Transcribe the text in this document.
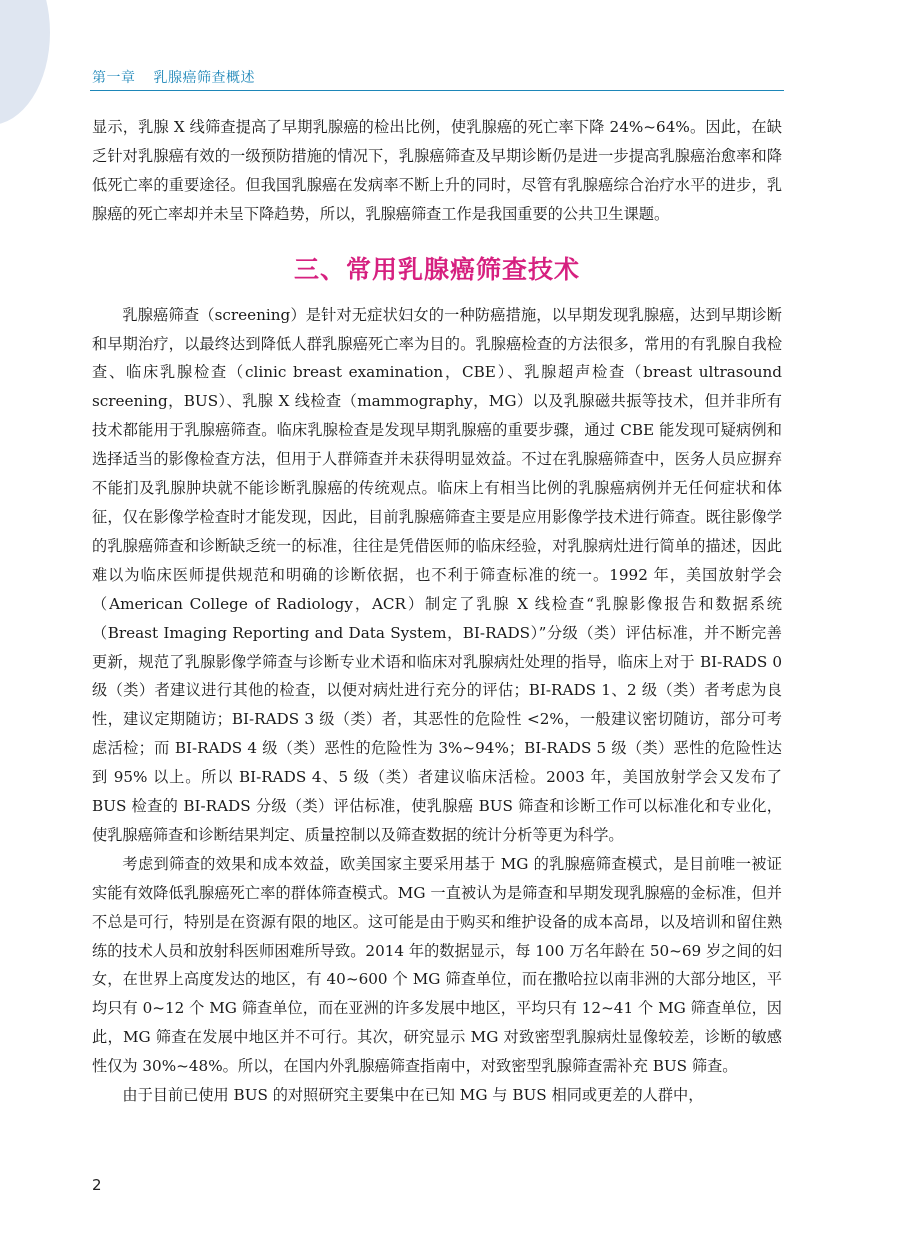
第一章 乳腺癌筛查概述

显示，乳腺 X 线筛查提高了早期乳腺癌的检出比例，使乳腺癌的死亡率下降 24%~64%。因此，在缺乏针对乳腺癌有效的一级预防措施的情况下，乳腺癌筛查及早期诊断仍是进一步提高乳腺癌治愈率和降低死亡率的重要途径。但我国乳腺癌在发病率不断上升的同时，尽管有乳腺癌综合治疗水平的进步，乳腺癌的死亡率却并未呈下降趋势，所以，乳腺癌筛查工作是我国重要的公共卫生课题。

三、常用乳腺癌筛查技术

乳腺癌筛查（screening）是针对无症状妇女的一种防癌措施，以早期发现乳腺癌，达到早期诊断和早期治疗，以最终达到降低人群乳腺癌死亡率为目的。乳腺癌检查的方法很多，常用的有乳腺自我检查、临床乳腺检查（clinic breast examination，CBE）、乳腺超声检查（breast ultrasound screening，BUS）、乳腺 X 线检查（mammography，MG）以及乳腺磁共振等技术，但并非所有技术都能用于乳腺癌筛查。临床乳腺检查是发现早期乳腺癌的重要步骤，通过 CBE 能发现可疑病例和选择适当的影像检查方法，但用于人群筛查并未获得明显效益。不过在乳腺癌筛查中，医务人员应摒弃不能扪及乳腺肿块就不能诊断乳腺癌的传统观点。临床上有相当比例的乳腺癌病例并无任何症状和体征，仅在影像学检查时才能发现，因此，目前乳腺癌筛查主要是应用影像学技术进行筛查。既往影像学的乳腺癌筛查和诊断缺乏统一的标准，往往是凭借医师的临床经验，对乳腺病灶进行简单的描述，因此难以为临床医师提供规范和明确的诊断依据，也不利于筛查标准的统一。1992 年，美国放射学会（American College of Radiology，ACR）制定了乳腺 X 线检查“乳腺影像报告和数据系统（Breast Imaging Reporting and Data System，BI-RADS）”分级（类）评估标准，并不断完善更新，规范了乳腺影像学筛查与诊断专业术语和临床对乳腺病灶处理的指导，临床上对于 BI-RADS 0 级（类）者建议进行其他的检查，以便对病灶进行充分的评估；BI-RADS 1、2 级（类）者考虑为良性，建议定期随访；BI-RADS 3 级（类）者，其恶性的危险性 <2%，一般建议密切随访，部分可考虑活检；而 BI-RADS 4 级（类）恶性的危险性为 3%~94%；BI-RADS 5 级（类）恶性的危险性达到 95% 以上。所以 BI-RADS 4、5 级（类）者建议临床活检。2003 年，美国放射学会又发布了 BUS 检查的 BI-RADS 分级（类）评估标准，使乳腺癌 BUS 筛查和诊断工作可以标准化和专业化，使乳腺癌筛查和诊断结果判定、质量控制以及筛查数据的统计分析等更为科学。

考虑到筛查的效果和成本效益，欧美国家主要采用基于 MG 的乳腺癌筛查模式，是目前唯一被证实能有效降低乳腺癌死亡率的群体筛查模式。MG 一直被认为是筛查和早期发现乳腺癌的金标准，但并不总是可行，特别是在资源有限的地区。这可能是由于购买和维护设备的成本高昂，以及培训和留住熟练的技术人员和放射科医师困难所导致。2014 年的数据显示，每 100 万名年龄在 50~69 岁之间的妇女，在世界上高度发达的地区，有 40~600 个 MG 筛查单位，而在撒哈拉以南非洲的大部分地区，平均只有 0~12 个 MG 筛查单位，而在亚洲的许多发展中地区，平均只有 12~41 个 MG 筛查单位，因此，MG 筛查在发展中地区并不可行。其次，研究显示 MG 对致密型乳腺病灶显像较差，诊断的敏感性仅为 30%~48%。所以，在国内外乳腺癌筛查指南中，对致密型乳腺筛查需补充 BUS 筛查。

由于目前已使用 BUS 的对照研究主要集中在已知 MG 与 BUS 相同或更差的人群中，

2
